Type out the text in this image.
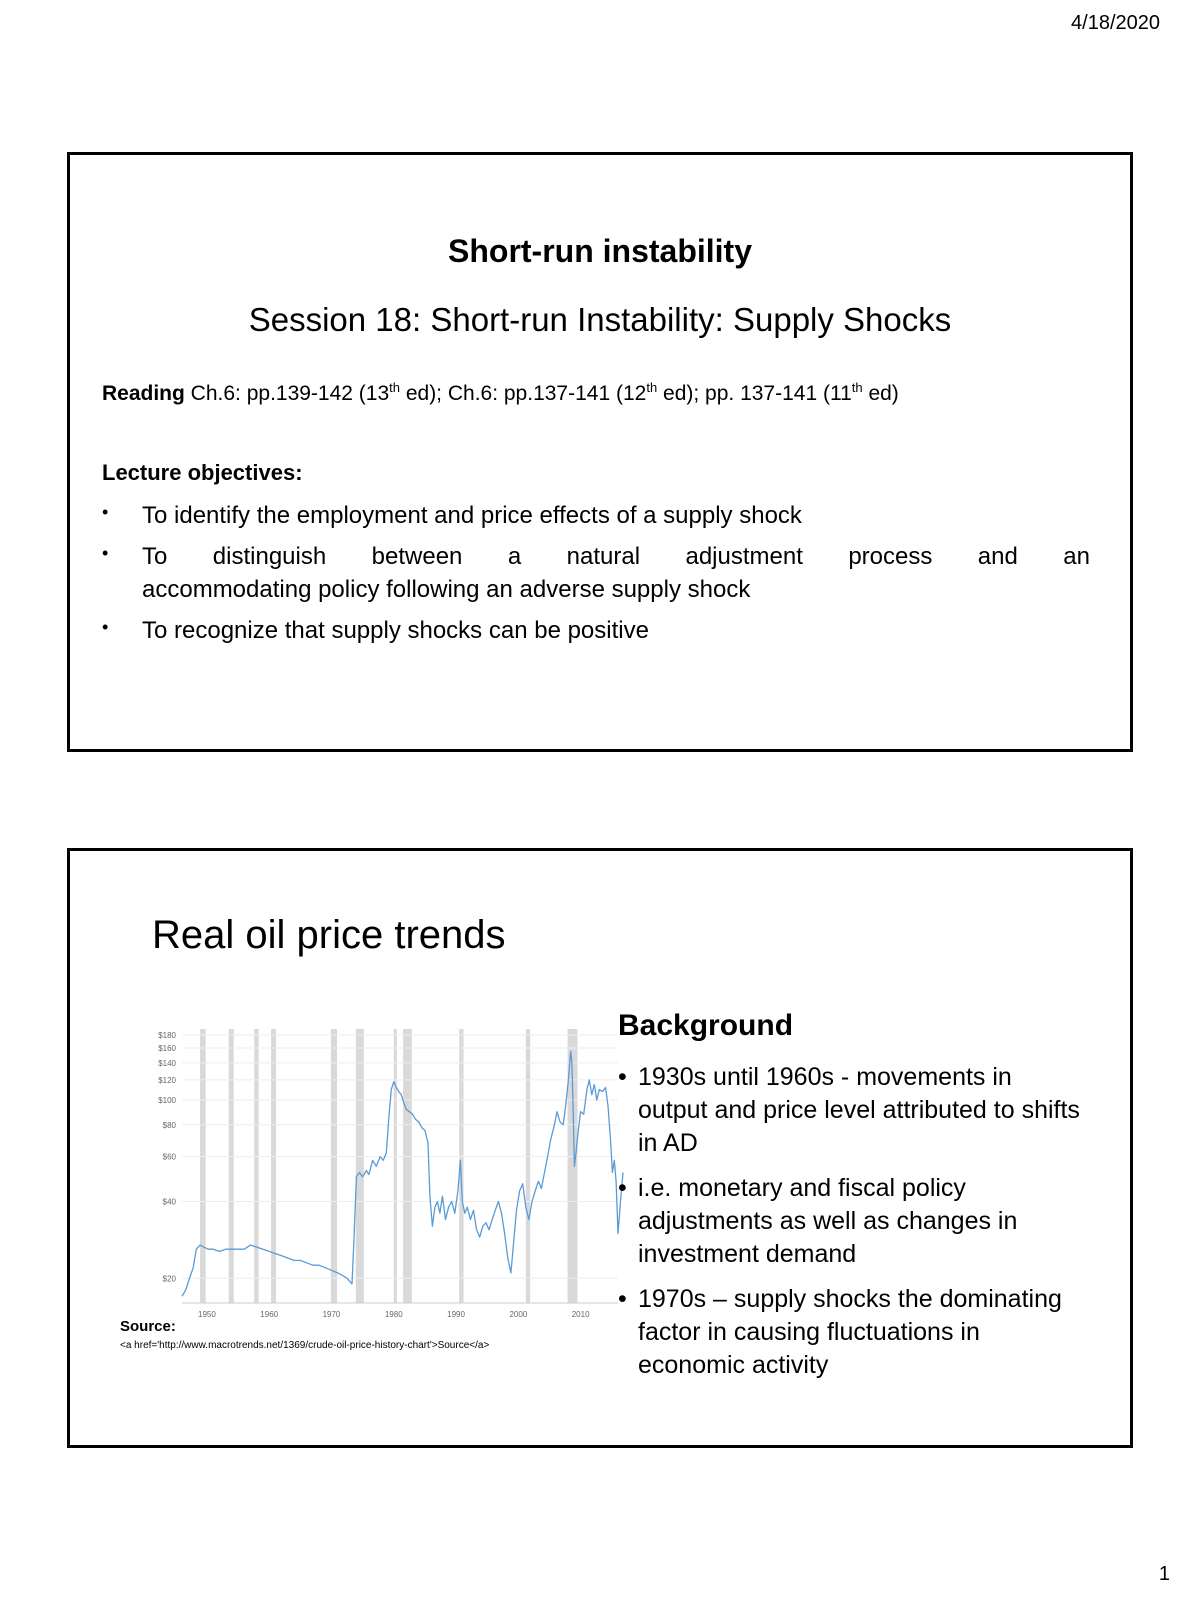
4/18/2020
Short-run instability
Session 18: Short-run Instability: Supply Shocks
Reading Ch.6: pp.139-142 (13th ed); Ch.6: pp.137-141 (12th ed); pp. 137-141 (11th ed)
Lecture objectives:
• To identify the employment and price effects of a supply shock
• To distinguish between a natural adjustment process and an
accommodating policy following an adverse supply shock
• To recognize that supply shocks can be positive
Real oil price trends
$20
$40
$60
$80
$100
$120
$140
$160
$180
1950	1960	1970	1980	1990	2000	2010
Source:
<a href='http://www.macrotrends.net/1369/crude-oil-price-history-chart'>Source</a>
Background
• 1930s until 1960s - movements in output and price level attributed to shifts in AD
• i.e. monetary and fiscal policy adjustments as well as changes in investment demand
• 1970s – supply shocks the dominating factor in causing fluctuations in economic activity
1
